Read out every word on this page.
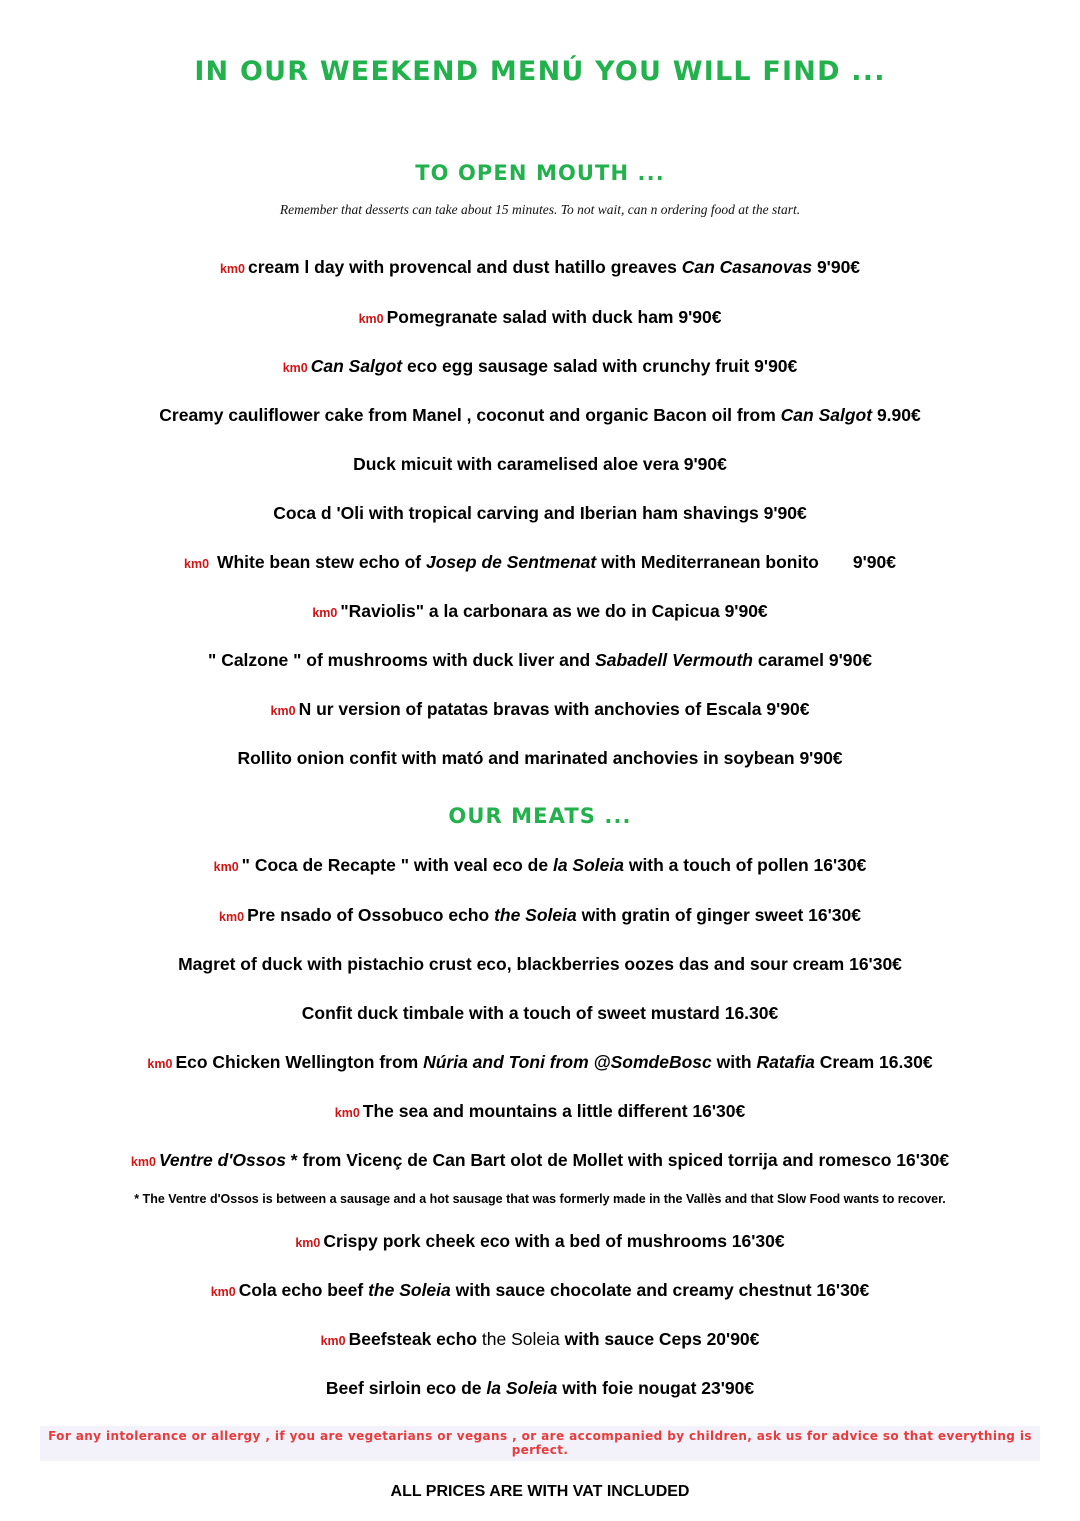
IN OUR WEEKEND MENÚ YOU WILL FIND ...
TO OPEN MOUTH ...

Remember that desserts can take about 15 minutes. To not wait, can n ordering food at the start.

km0 cream l day with provencal and dust hatillo greaves Can Casanovas 9'90€

km0 Pomegranate salad with duck ham 9'90€

km0 Can Salgot eco egg sausage salad with crunchy fruit 9'90€

Creamy cauliflower cake from Manel , coconut and organic Bacon oil from Can Salgot 9.90€

Duck micuit with caramelised aloe vera 9'90€

Coca d 'Oli with tropical carving and Iberian ham shavings 9'90€

km0 White bean stew echo of Josep de Sentmenat with Mediterranean bonito 9'90€

km0 "Raviolis" a la carbonara as we do in Capicua 9'90€

" Calzone " of mushrooms with duck liver and Sabadell Vermouth caramel 9'90€

km0 N ur version of patatas bravas with anchovies of Escala 9'90€

Rollito onion confit with mató and marinated anchovies in soybean 9'90€

OUR MEATS ...

km0 " Coca de Recapte " with veal eco de la Soleia with a touch of pollen 16'30€

km0 Pre nsado of Ossobuco echo the Soleia with gratin of ginger sweet 16'30€

Magret of duck with pistachio crust eco, blackberries oozes das and sour cream 16'30€

Confit duck timbale with a touch of sweet mustard 16.30€

km0 Eco Chicken Wellington from Núria and Toni from @SomdeBosc with Ratafia Cream 16.30€

km0 The sea and mountains a little different 16'30€

km0 Ventre d'Ossos * from Vicenç de Can Bart olot de Mollet with spiced torrija and romesco 16'30€

* The Ventre d'Ossos is between a sausage and a hot sausage that was formerly made in the Vallès and that Slow Food wants to recover.

km0 Crispy pork cheek eco with a bed of mushrooms 16'30€

km0 Cola echo beef the Soleia with sauce chocolate and creamy chestnut 16'30€

km0 Beefsteak echo the Soleia with sauce Ceps 20'90€

Beef sirloin eco de la Soleia with foie nougat 23'90€

For any intolerance or allergy , if you are vegetarians or vegans , or are accompanied by children, ask us for advice so that everything is perfect.

ALL PRICES ARE WITH VAT INCLUDED
